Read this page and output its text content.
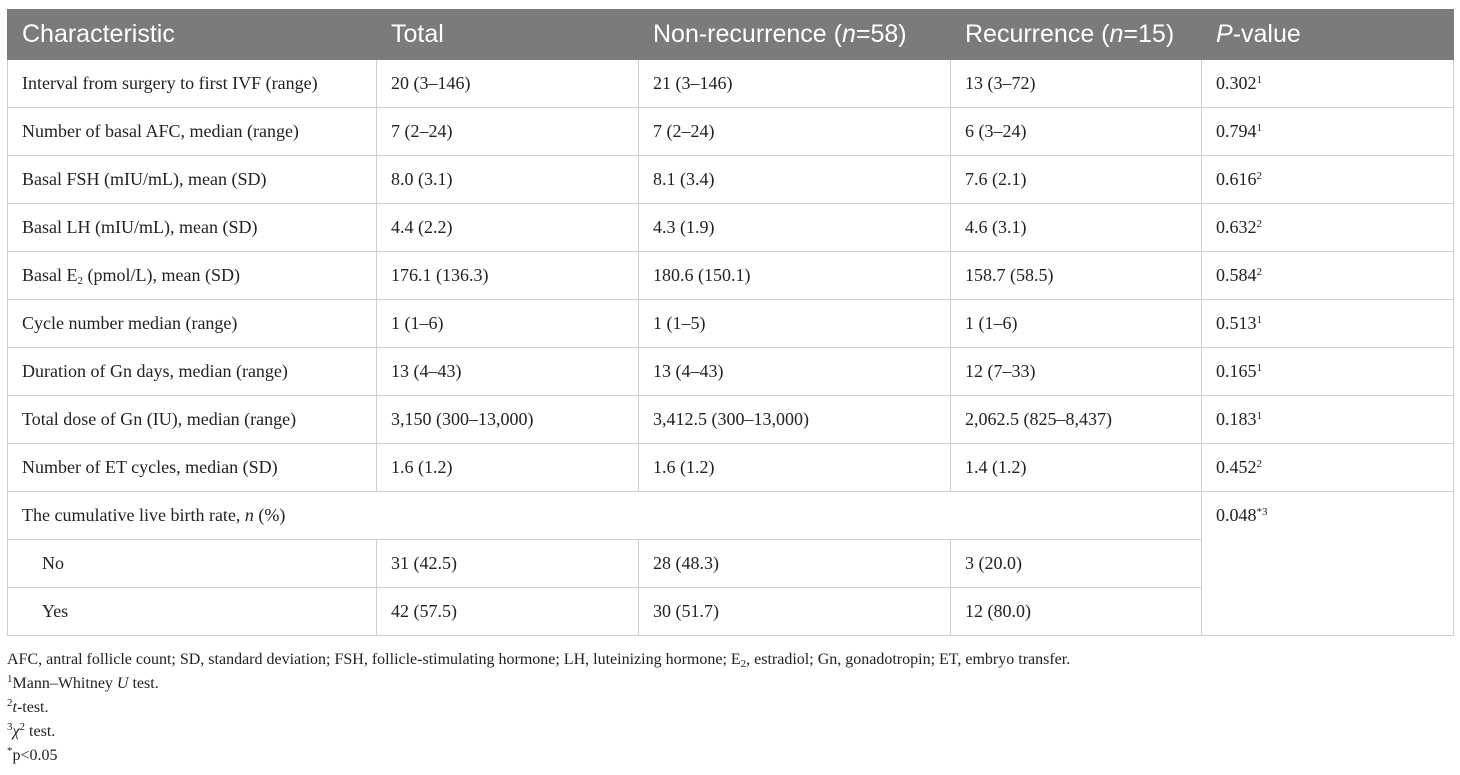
Characteristic	Total	Non-recurrence (n=58)	Recurrence (n=15)	P-value
Interval from surgery to first IVF (range)	20 (3–146)	21 (3–146)	13 (3–72)	0.302$^1$
Number of basal AFC, median (range)	7 (2–24)	7 (2–24)	6 (3–24)	0.794$^1$
Basal FSH (mIU/mL), mean (SD)	8.0 (3.1)	8.1 (3.4)	7.6 (2.1)	0.616$^2$
Basal LH (mIU/mL), mean (SD)	4.4 (2.2)	4.3 (1.9)	4.6 (3.1)	0.632$^2$
Basal $E_2$ (pmol/L), mean (SD)	176.1 (136.3)	180.6 (150.1)	158.7 (58.5)	0.584$^2$
Cycle number median (range)	1 (1–6)	1 (1–5)	1 (1–6)	0.513$^1$
Duration of Gn days, median (range)	13 (4–43)	13 (4–43)	12 (7–33)	0.165$^1$
Total dose of Gn (IU), median (range)	3,150 (300–13,000)	3,412.5 (300–13,000)	2,062.5 (825–8,437)	0.183$^1$
Number of ET cycles, median (SD)	1.6 (1.2)	1.6 (1.2)	1.4 (1.2)	0.452$^2$
The cumulative live birth rate, n (%)				0.048$^{*3}$
No	31 (42.5)	28 (48.3)	3 (20.0)	
Yes	42 (57.5)	30 (51.7)	12 (80.0)	
AFC, antral follicle count; SD, standard deviation; FSH, follicle-stimulating hormone; LH, luteinizing hormone; $E_2$, estradiol; Gn, gonadotropin; ET, embryo transfer.
$^1$Mann–Whitney U test.
$^2$t-test.
$^3\chi^2$ test.
*p<0.05
